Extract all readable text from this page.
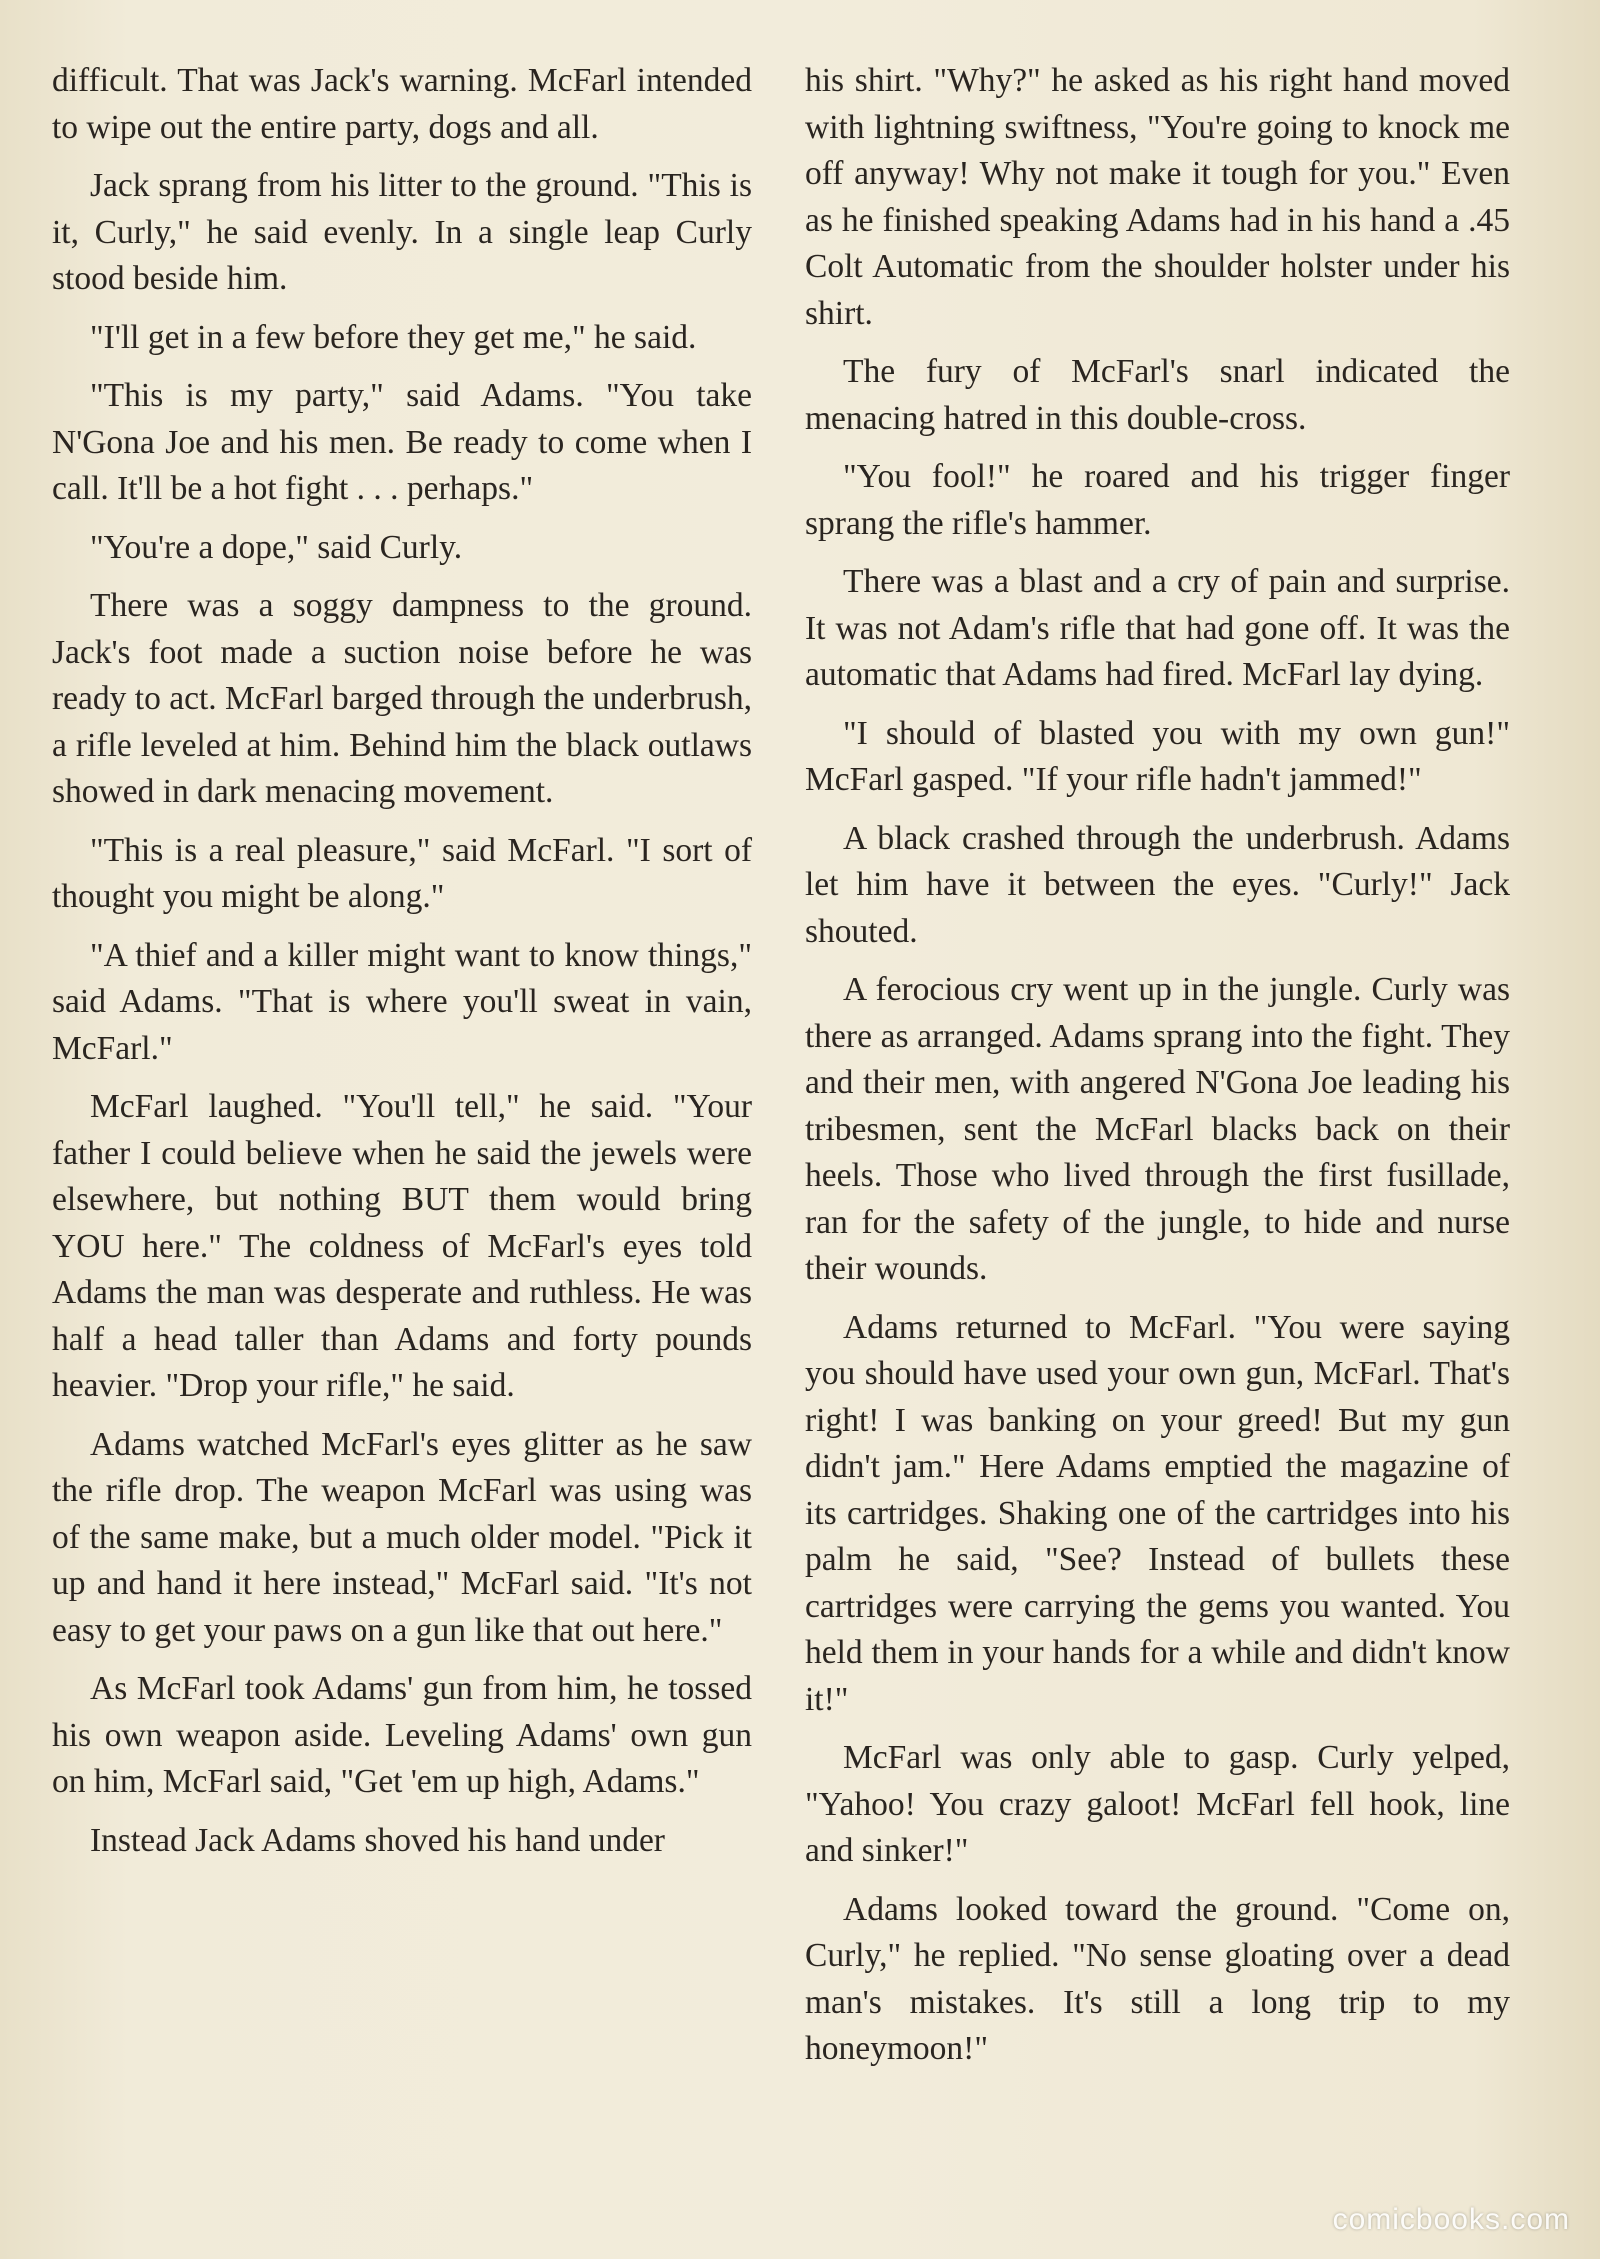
difficult. That was Jack's warning. McFarl intended to wipe out the entire party, dogs and all.

Jack sprang from his litter to the ground. "This is it, Curly," he said evenly. In a single leap Curly stood beside him.

"I'll get in a few before they get me," he said.

"This is my party," said Adams. "You take N'Gona Joe and his men. Be ready to come when I call. It'll be a hot fight . . . perhaps."

"You're a dope," said Curly.

There was a soggy dampness to the ground. Jack's foot made a suction noise before he was ready to act. McFarl barged through the underbrush, a rifle leveled at him. Behind him the black outlaws showed in dark menacing movement.

"This is a real pleasure," said McFarl. "I sort of thought you might be along."

"A thief and a killer might want to know things," said Adams. "That is where you'll sweat in vain, McFarl."

McFarl laughed. "You'll tell," he said. "Your father I could believe when he said the jewels were elsewhere, but nothing BUT them would bring YOU here." The coldness of McFarl's eyes told Adams the man was desperate and ruthless. He was half a head taller than Adams and forty pounds heavier. "Drop your rifle," he said.

Adams watched McFarl's eyes glitter as he saw the rifle drop. The weapon McFarl was using was of the same make, but a much older model. "Pick it up and hand it here instead," McFarl said. "It's not easy to get your paws on a gun like that out here."

As McFarl took Adams' gun from him, he tossed his own weapon aside. Leveling Adams' own gun on him, McFarl said, "Get 'em up high, Adams."

Instead Jack Adams shoved his hand under

his shirt. "Why?" he asked as his right hand moved with lightning swiftness, "You're going to knock me off anyway! Why not make it tough for you." Even as he finished speaking Adams had in his hand a .45 Colt Automatic from the shoulder holster under his shirt.

The fury of McFarl's snarl indicated the menacing hatred in this double-cross.

"You fool!" he roared and his trigger finger sprang the rifle's hammer.

There was a blast and a cry of pain and surprise. It was not Adam's rifle that had gone off. It was the automatic that Adams had fired. McFarl lay dying.

"I should of blasted you with my own gun!" McFarl gasped. "If your rifle hadn't jammed!"

A black crashed through the underbrush. Adams let him have it between the eyes. "Curly!" Jack shouted.

A ferocious cry went up in the jungle. Curly was there as arranged. Adams sprang into the fight. They and their men, with angered N'Gona Joe leading his tribesmen, sent the McFarl blacks back on their heels. Those who lived through the first fusillade, ran for the safety of the jungle, to hide and nurse their wounds.

Adams returned to McFarl. "You were saying you should have used your own gun, McFarl. That's right! I was banking on your greed! But my gun didn't jam." Here Adams emptied the magazine of its cartridges. Shaking one of the cartridges into his palm he said, "See? Instead of bullets these cartridges were carrying the gems you wanted. You held them in your hands for a while and didn't know it!"

McFarl was only able to gasp. Curly yelped, "Yahoo! You crazy galoot! McFarl fell hook, line and sinker!"

Adams looked toward the ground. "Come on, Curly," he replied. "No sense gloating over a dead man's mistakes. It's still a long trip to my honeymoon!"

comicbooks.com
